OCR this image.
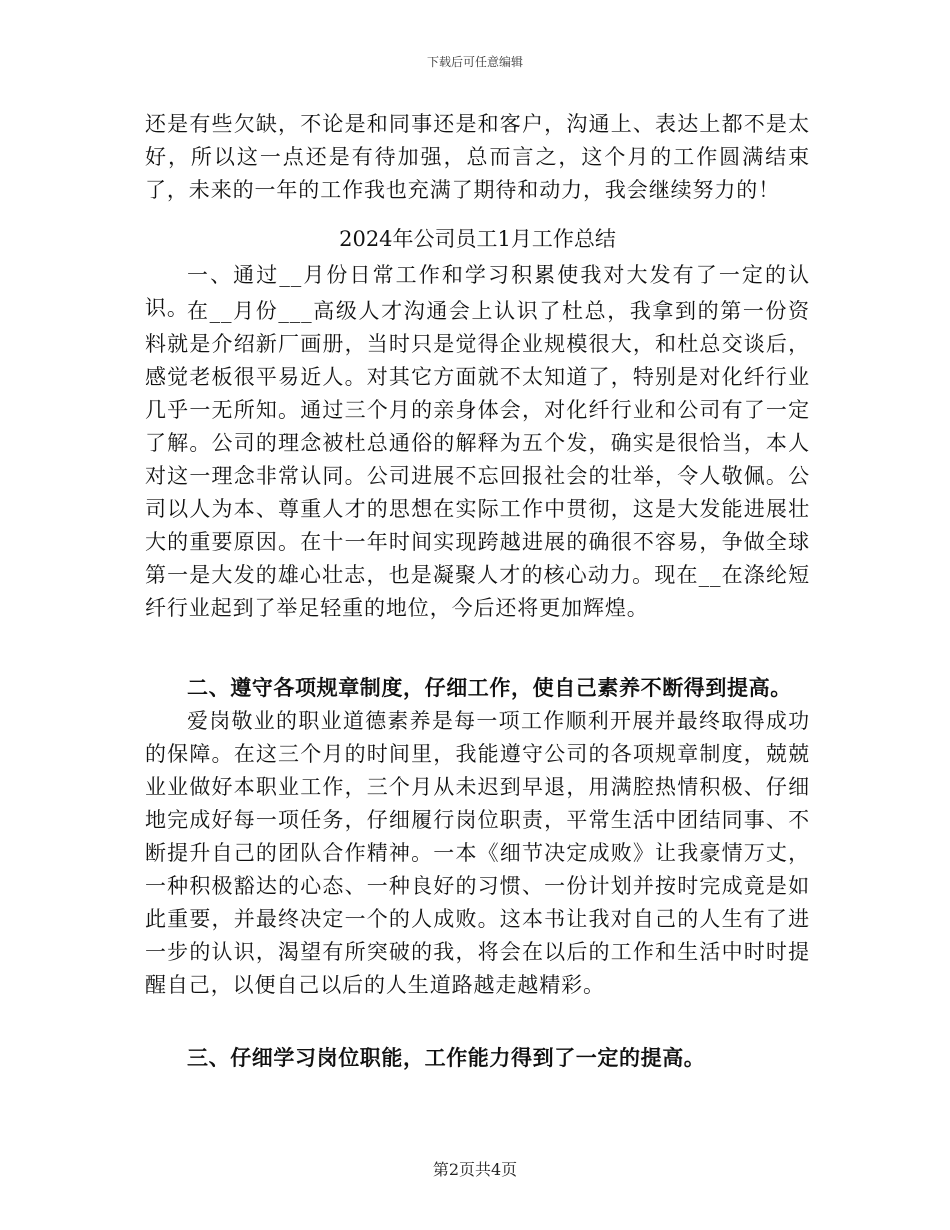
下载后可任意编辑

还是有些欠缺，不论是和同事还是和客户，沟通上、表达上都不是太好，所以这一点还是有待加强，总而言之，这个月的工作圆满结束了，未来的一年的工作我也充满了期待和动力，我会继续努力的！

2024年公司员工1月工作总结

一、通过__月份日常工作和学习积累使我对大发有了一定的认识。

在__月份___高级人才沟通会上认识了杜总，我拿到的第一份资料就是介绍新厂画册，当时只是觉得企业规模很大，和杜总交谈后，感觉老板很平易近人。对其它方面就不太知道了，特别是对化纤行业几乎一无所知。通过三个月的亲身体会，对化纤行业和公司有了一定了解。公司的理念被杜总通俗的解释为五个发，确实是很恰当，本人对这一理念非常认同。公司进展不忘回报社会的壮举，令人敬佩。公司以人为本、尊重人才的思想在实际工作中贯彻，这是大发能进展壮大的重要原因。在十一年时间实现跨越进展的确很不容易，争做全球第一是大发的雄心壮志，也是凝聚人才的核心动力。现在__在涤纶短纤行业起到了举足轻重的地位，今后还将更加辉煌。

二、遵守各项规章制度，仔细工作，使自己素养不断得到提高。

爱岗敬业的职业道德素养是每一项工作顺利开展并最终取得成功的保障。在这三个月的时间里，我能遵守公司的各项规章制度，兢兢业业做好本职业工作，三个月从未迟到早退，用满腔热情积极、仔细地完成好每一项任务，仔细履行岗位职责，平常生活中团结同事、不断提升自己的团队合作精神。一本《细节决定成败》让我豪情万丈，一种积极豁达的心态、一种良好的习惯、一份计划并按时完成竟是如此重要，并最终决定一个的人成败。这本书让我对自己的人生有了进一步的认识，渴望有所突破的我，将会在以后的工作和生活中时时提醒自己，以便自己以后的人生道路越走越精彩。

三、仔细学习岗位职能，工作能力得到了一定的提高。

第2页共4页
